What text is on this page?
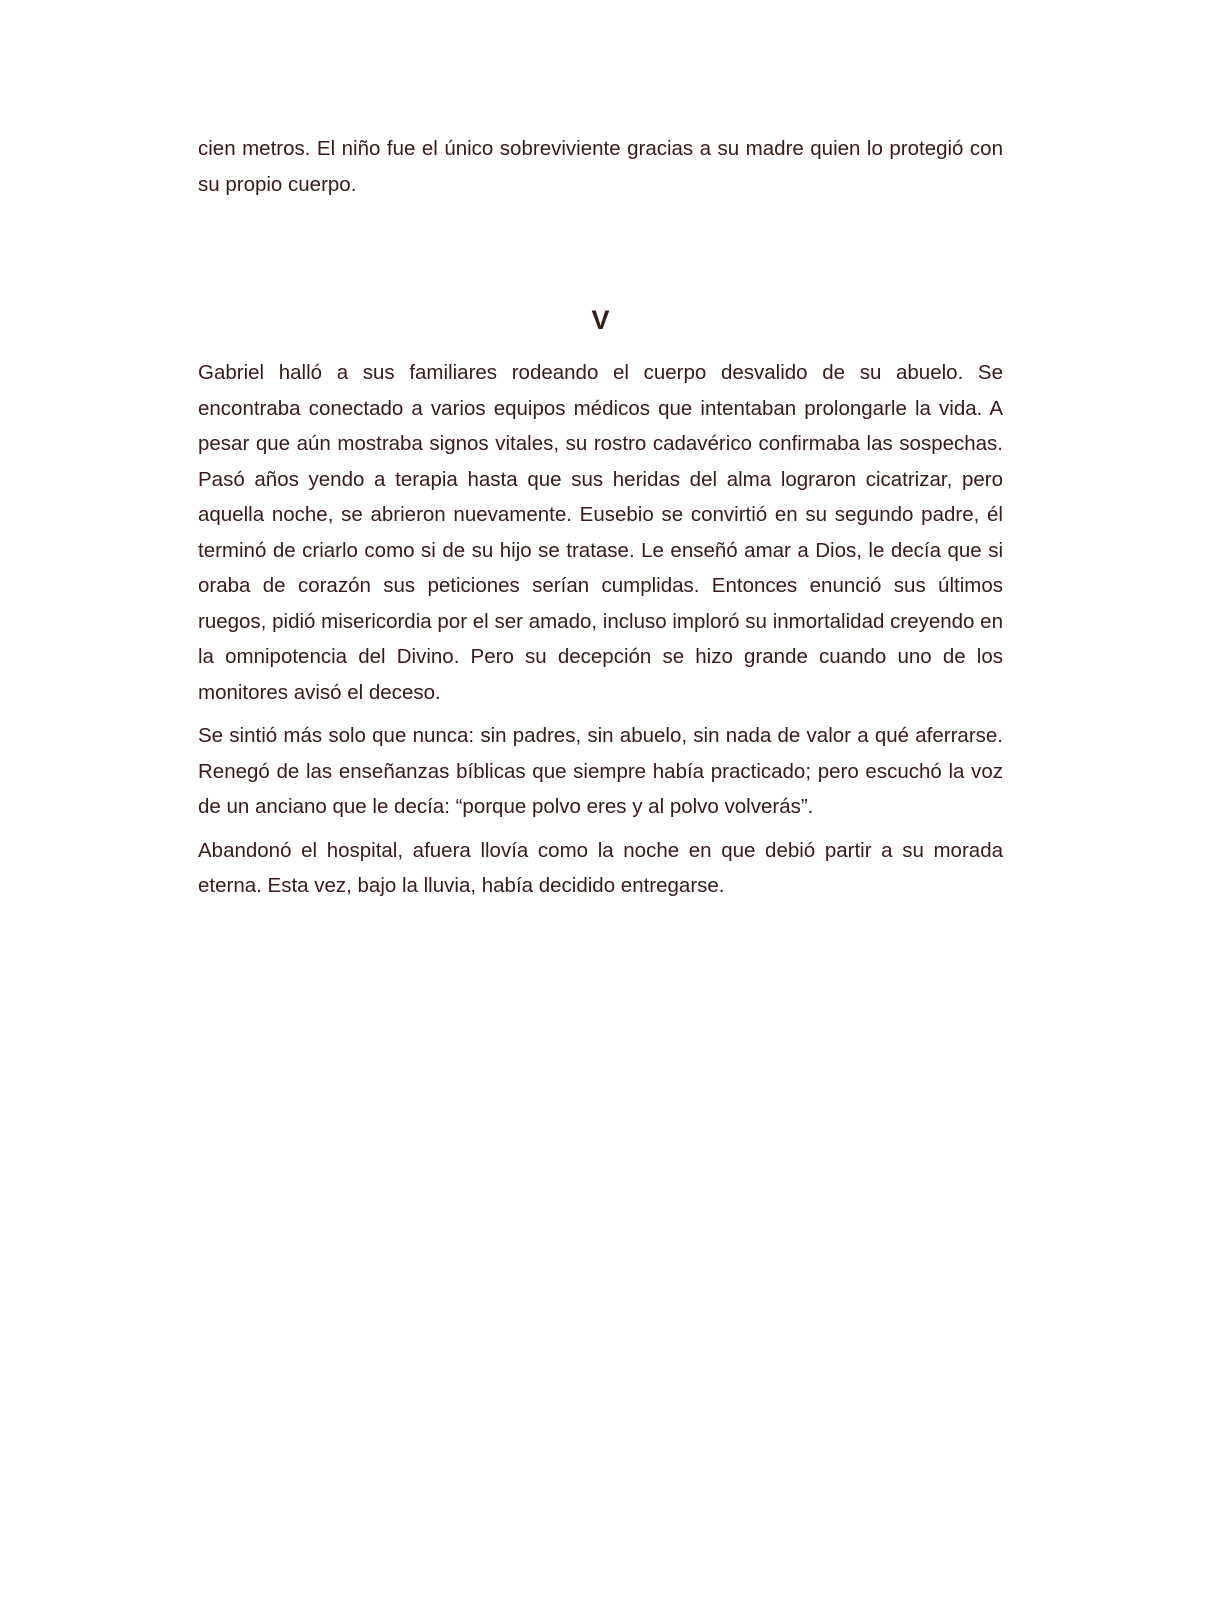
cien metros. El niño fue el único sobreviviente gracias a su madre quien lo protegió con su propio cuerpo.

V

Gabriel halló a sus familiares rodeando el cuerpo desvalido de su abuelo. Se encontraba conectado a varios equipos médicos que intentaban prolongarle la vida. A pesar que aún mostraba signos vitales, su rostro cadavérico confirmaba las sospechas. Pasó años yendo a terapia hasta que sus heridas del alma lograron cicatrizar, pero aquella noche, se abrieron nuevamente. Eusebio se convirtió en su segundo padre, él terminó de criarlo como si de su hijo se tratase. Le enseñó amar a Dios, le decía que si oraba de corazón sus peticiones serían cumplidas. Entonces enunció sus últimos ruegos, pidió misericordia por el ser amado, incluso imploró su inmortalidad creyendo en la omnipotencia del Divino. Pero su decepción se hizo grande cuando uno de los monitores avisó el deceso.

Se sintió más solo que nunca: sin padres, sin abuelo, sin nada de valor a qué aferrarse. Renegó de las enseñanzas bíblicas que siempre había practicado; pero escuchó la voz de un anciano que le decía: “porque polvo eres y al polvo volverás”.

Abandonó el hospital, afuera llovía como la noche en que debió partir a su morada eterna. Esta vez, bajo la lluvia, había decidido entregarse.
